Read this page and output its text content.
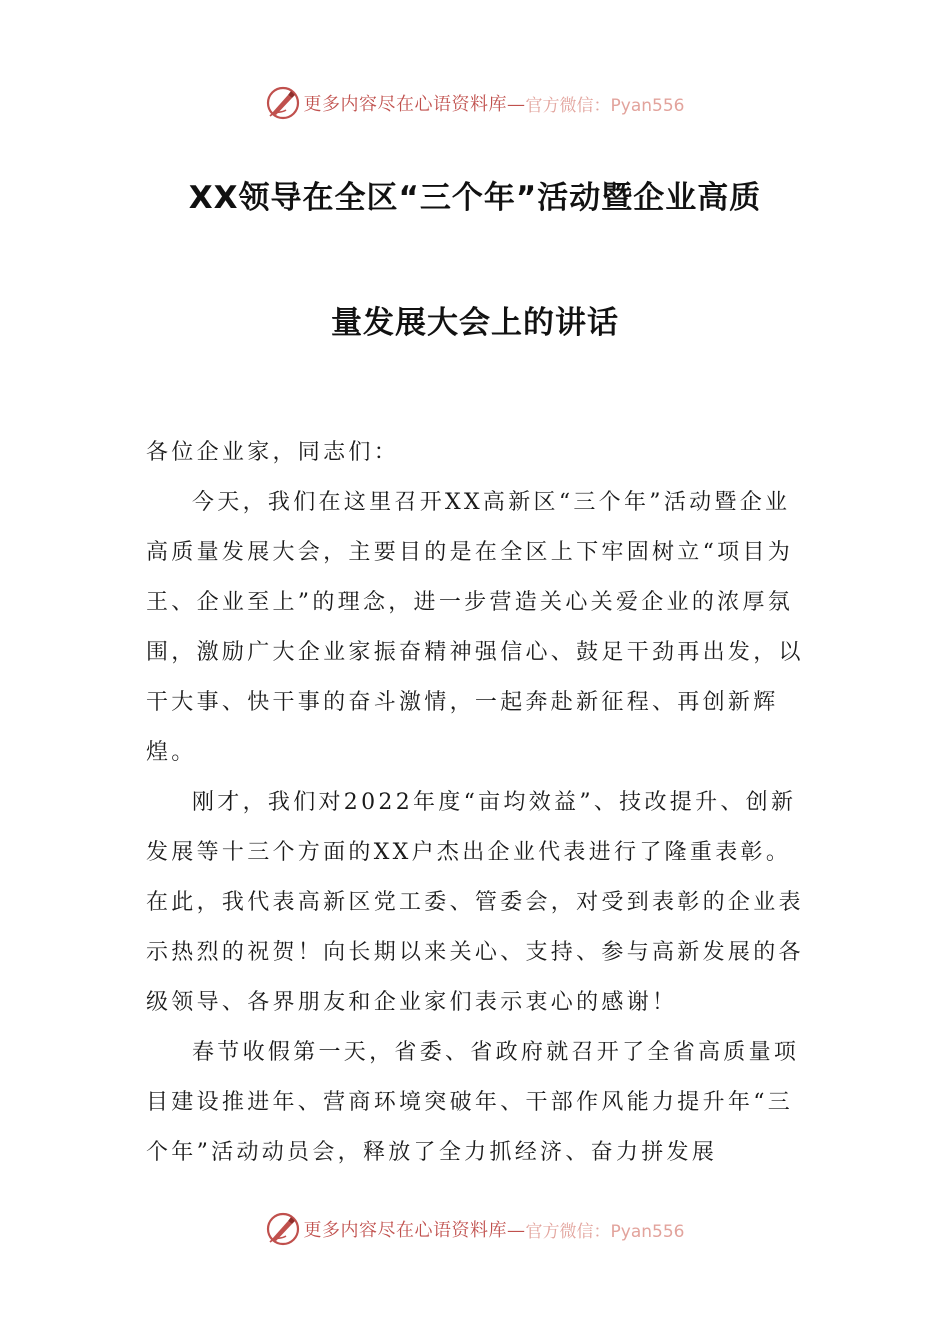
更多内容尽在心语资料库— 官方微信：Pyan556
XX领导在全区“三个年”活动暨企业高质
量发展大会上的讲话

各位企业家，同志们：

今天，我们在这里召开XX高新区“三个年”活动暨企业高质量发展大会，主要目的是在全区上下牢固树立“项目为王、企业至上”的理念，进一步营造关心关爱企业的浓厚氛围，激励广大企业家振奋精神强信心、鼓足干劲再出发，以干大事、快干事的奋斗激情，一起奔赴新征程、再创新辉煌。

刚才，我们对2022年度“亩均效益”、技改提升、创新发展等十三个方面的XX户杰出企业代表进行了隆重表彰。在此，我代表高新区党工委、管委会，对受到表彰的企业表示热烈的祝贺！向长期以来关心、支持、参与高新发展的各级领导、各界朋友和企业家们表示衷心的感谢！

春节收假第一天，省委、省政府就召开了全省高质量项目建设推进年、营商环境突破年、干部作风能力提升年“三个年”活动动员会，释放了全力抓经济、奋力拼发展

更多内容尽在心语资料库— 官方微信：Pyan556
